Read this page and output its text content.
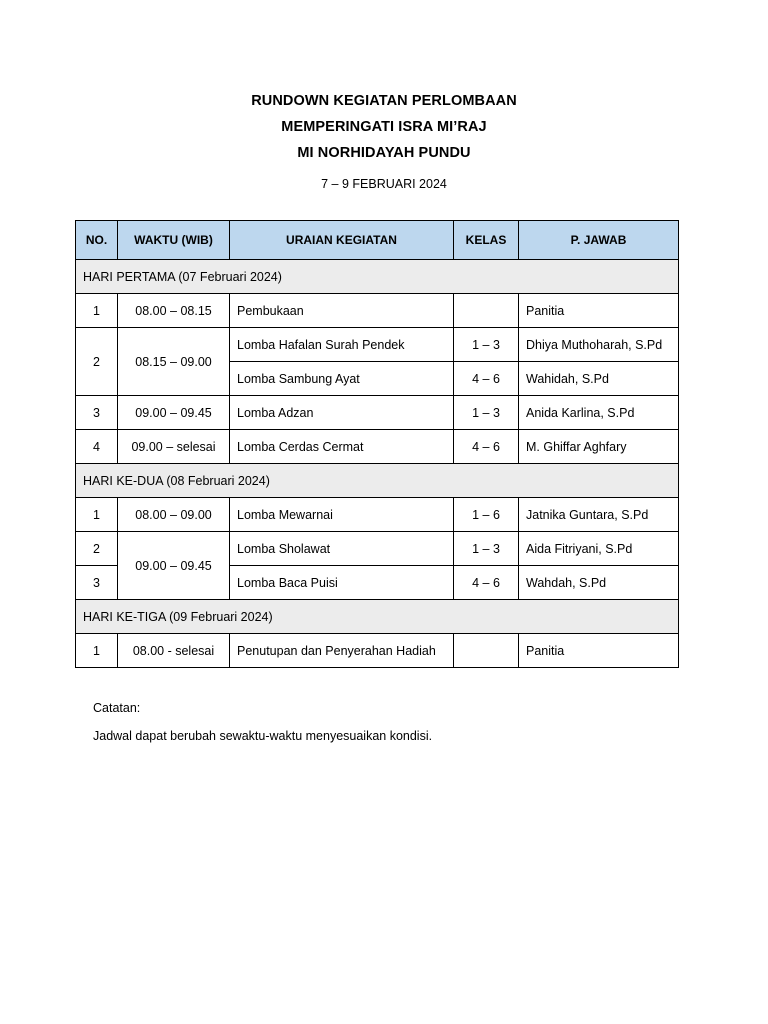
RUNDOWN KEGIATAN PERLOMBAAN
MEMPERINGATI ISRA MI’RAJ
MI NORHIDAYAH PUNDU
7 – 9 FEBRUARI 2024
NO.	WAKTU (WIB)	URAIAN KEGIATAN	KELAS	P. JAWAB
HARI PERTAMA (07 Februari 2024)				
1	08.00 – 08.15	Pembukaan		Panitia
2	08.15 – 09.00	Lomba Hafalan Surah Pendek	1 – 3	Dhiya Muthoharah, S.Pd
		Lomba Sambung Ayat	4 – 6	Wahidah, S.Pd
3	09.00 – 09.45	Lomba Adzan	1 – 3	Anida Karlina, S.Pd
4	09.00 – selesai	Lomba Cerdas Cermat	4 – 6	M. Ghiffar Aghfary
HARI KE-DUA (08 Februari 2024)				
1	08.00 – 09.00	Lomba Mewarnai	1 – 6	Jatnika Guntara, S.Pd
2	09.00 – 09.45	Lomba Sholawat	1 – 3	Aida Fitriyani, S.Pd
3		Lomba Baca Puisi	4 – 6	Wahdah, S.Pd
HARI KE-TIGA (09 Februari 2024)				
1	08.00 - selesai	Penutupan dan Penyerahan Hadiah		Panitia

Catatan:

Jadwal dapat berubah sewaktu-waktu menyesuaikan kondisi.
